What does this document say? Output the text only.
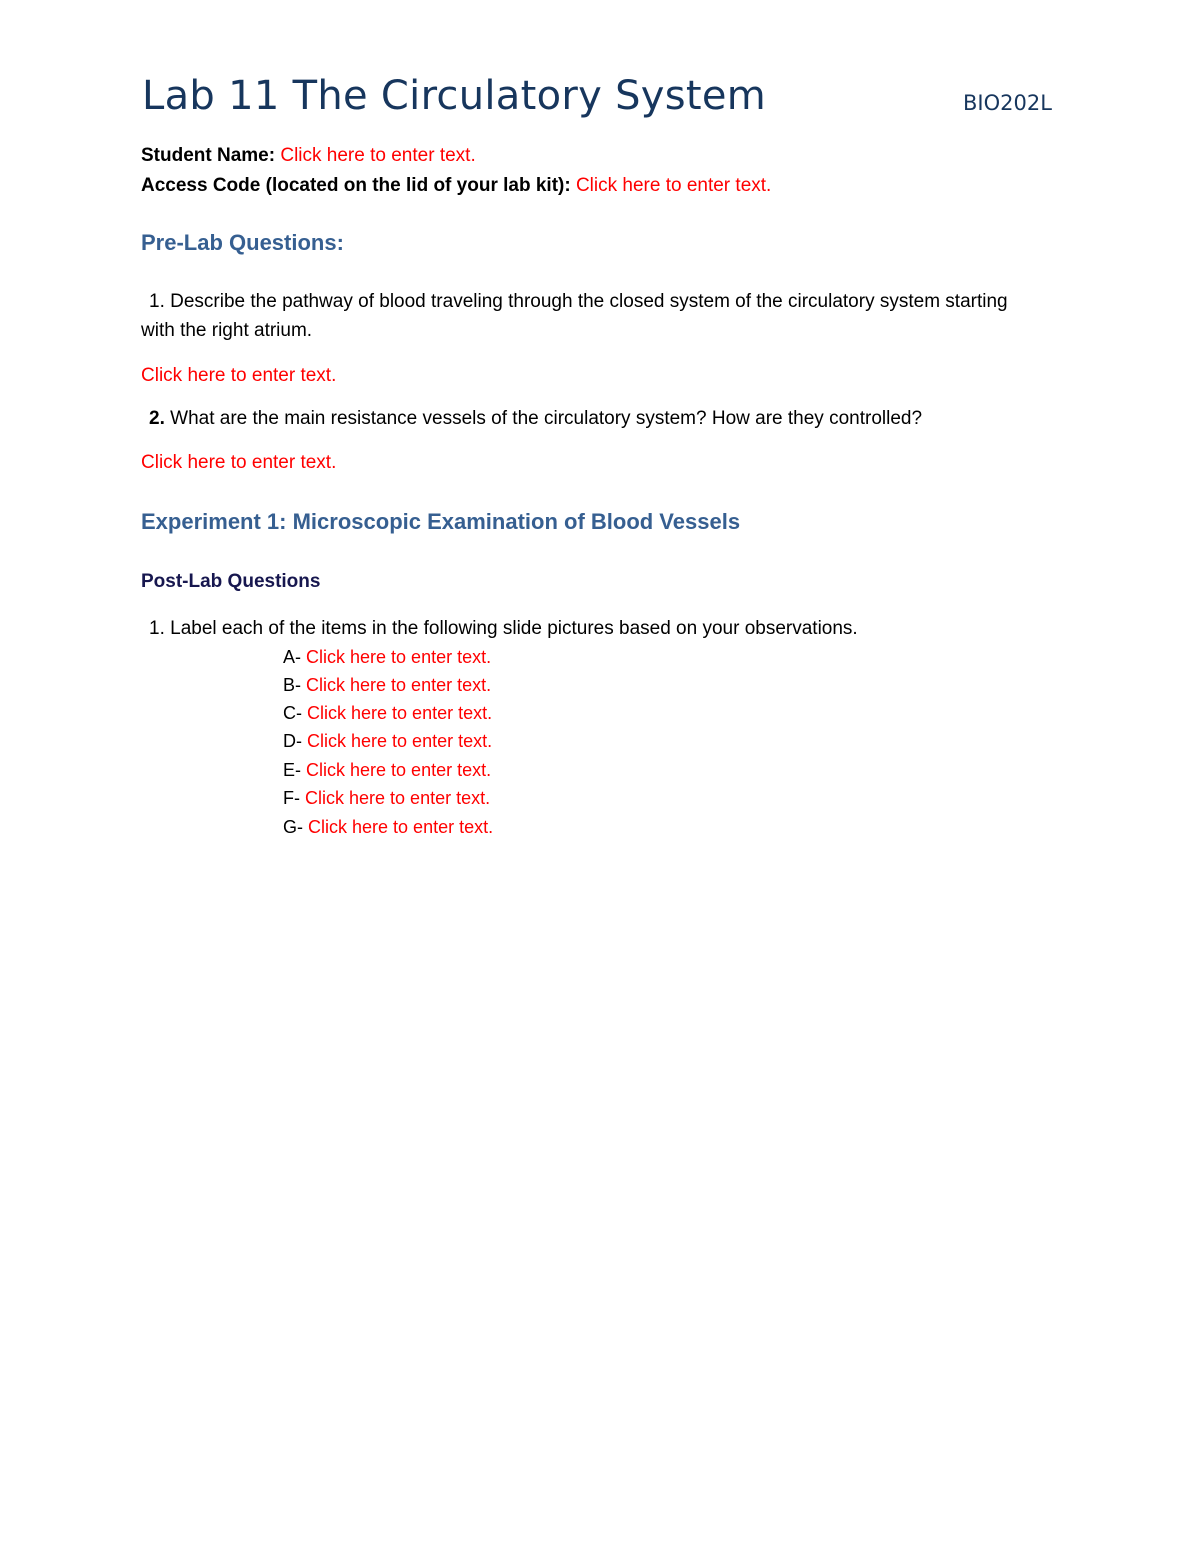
Lab 11 The Circulatory System	BIO202L
Student Name: Click here to enter text.
Access Code (located on the lid of your lab kit): Click here to enter text.
Pre-Lab Questions:
1. Describe the pathway of blood traveling through the closed system of the circulatory system starting
with the right atrium.
Click here to enter text.
2. What are the main resistance vessels of the circulatory system? How are they controlled?
Click here to enter text.
Experiment 1: Microscopic Examination of Blood Vessels
Post-Lab Questions
1. Label each of the items in the following slide pictures based on your observations.
A- Click here to enter text.
B- Click here to enter text.
C- Click here to enter text.
D- Click here to enter text.
E- Click here to enter text.
F- Click here to enter text.
G- Click here to enter text.
